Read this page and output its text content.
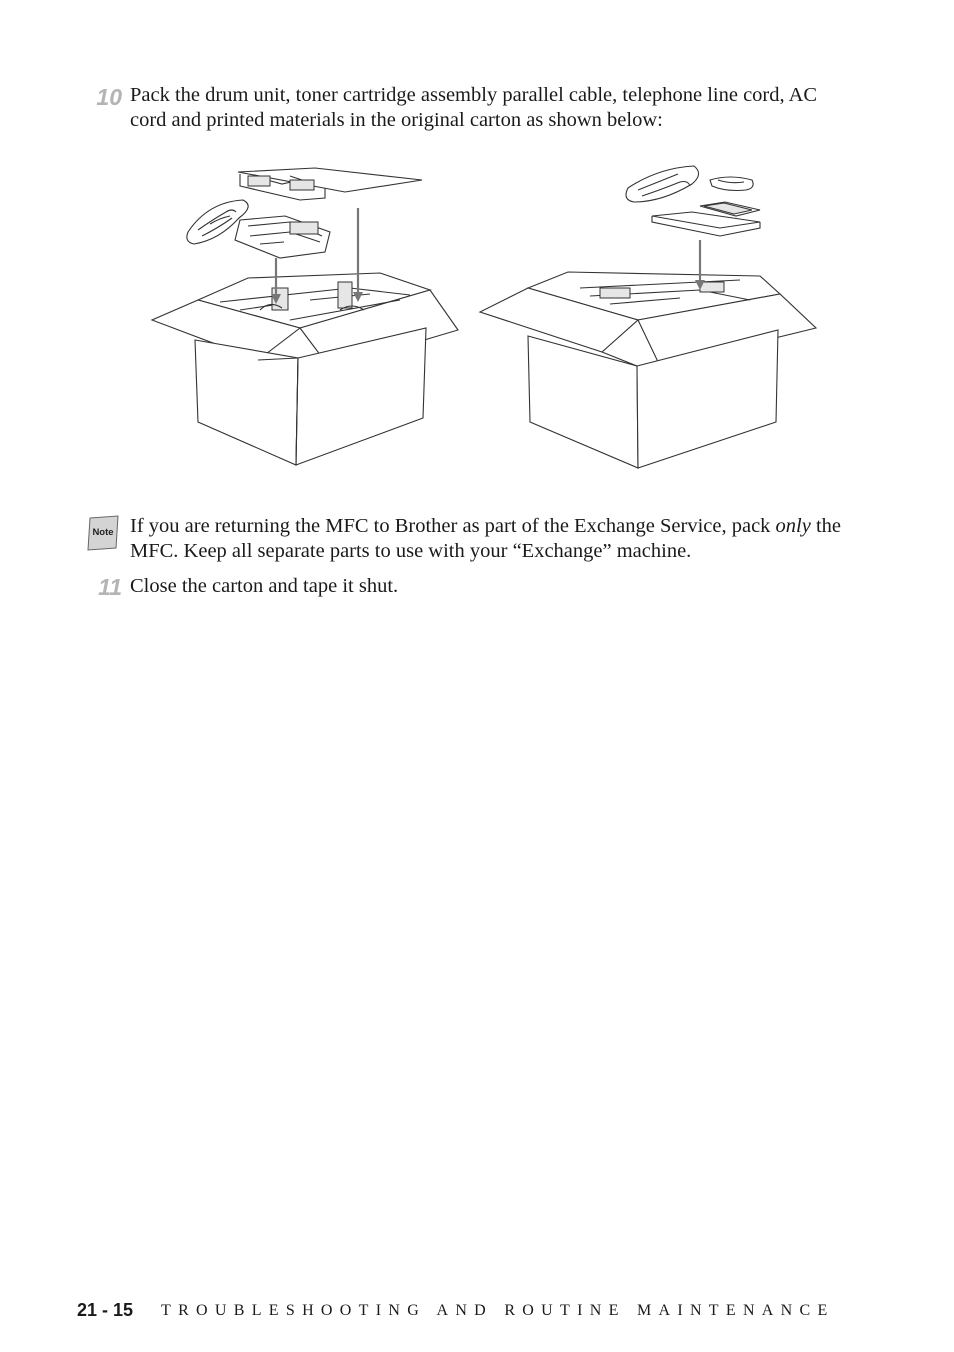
10 Pack the drum unit, toner cartridge assembly parallel cable, telephone line cord, AC cord and printed materials in the original carton as shown below:
Note If you are returning the MFC to Brother as part of the Exchange Service, pack only the MFC. Keep all separate parts to use with your “Exchange” machine.
11 Close the carton and tape it shut.
21 - 15 TROUBLESHOOTING AND ROUTINE MAINTENANCE
